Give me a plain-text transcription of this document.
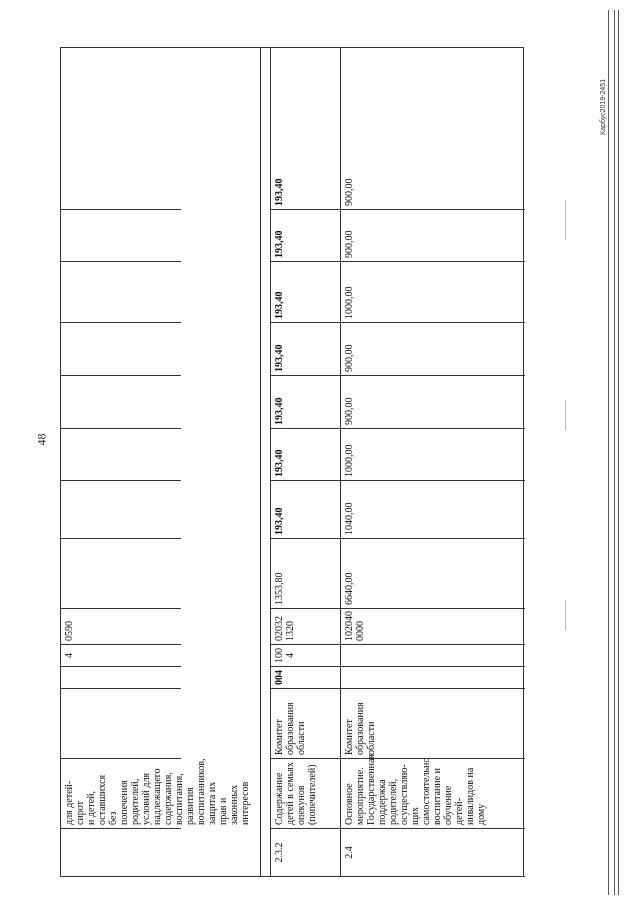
48
для детей-сирот
и детей,
оставшихся без
попечения
родителей,
условий для
надлежащего
содержания,
воспитания,
развития
воспитанников,
защита их прав и
законных
интересов
4
0590
2.3.2
Содержание
детей в семьях
опекунов
(попечителей)
Комитет
образования
области
004
100
4
02032
1320
1353,80
193,40
193,40
193,40
193,40
193,40
193,40
193,40
2.4
Основное
мероприятие.
Государственная
поддержка
родителей,
осуществляю-
щих
самостоятельно
воспитание и
обучение детей-
инвалидов на
дому
Комитет
образования
области
102040
0000
6640,00
1040,00
1000,00
900,00
900,00
1000,00
900,00
900,00
Карбус2019-2451
